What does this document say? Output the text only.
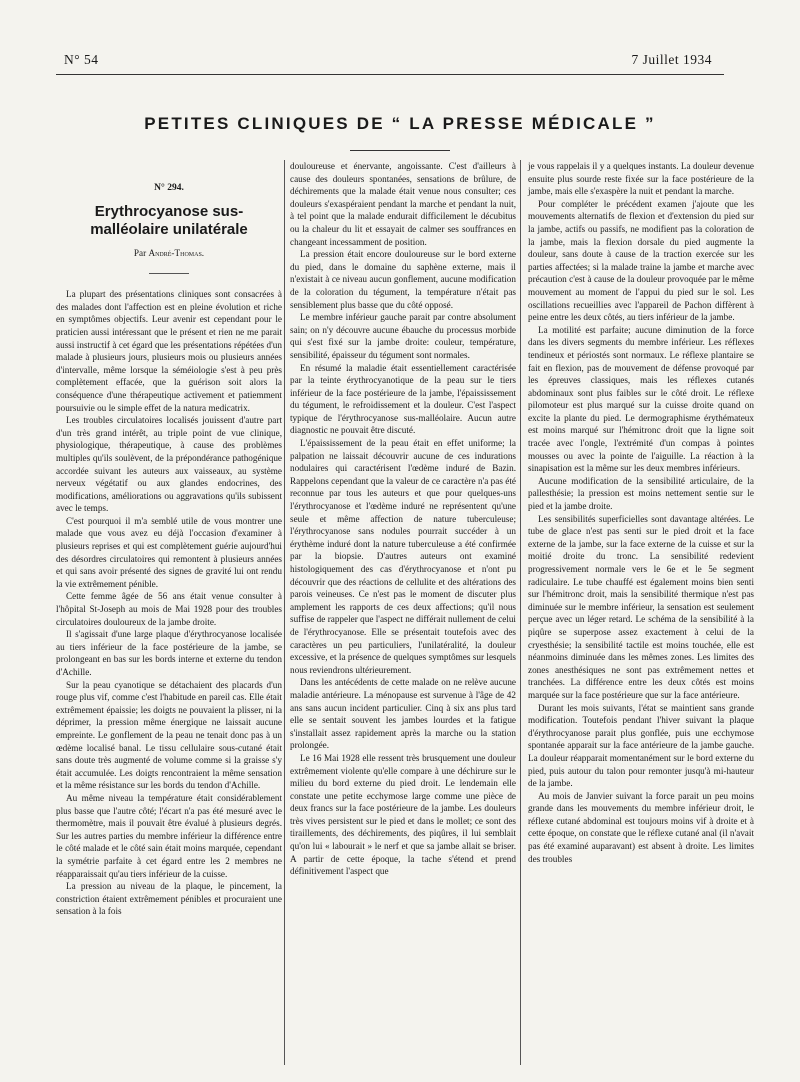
N° 54	7 Juillet 1934
PETITES CLINIQUES DE “ LA PRESSE MÉDICALE ”
N° 294.
Erythrocyanose sus-malléolaire unilatérale
Par André-Thomas.

La plupart des présentations cliniques sont consacrées à des malades dont l'affection est en pleine évolution et riche en symptômes objectifs. Leur avenir est cependant pour le praticien aussi intéressant que le présent et rien ne me parait aussi instructif à cet égard que les présentations répétées d'un malade à plusieurs jours, plusieurs mois ou plusieurs années d'intervalle, même lorsque la séméiologie s'est à peu près complètement effacée, que la guérison soit alors la conséquence d'une thérapeutique activement et patiemment poursuivie ou le simple effet de la natura medicatrix.

Les troubles circulatoires localisés jouissent d'autre part d'un très grand intérêt, au triple point de vue clinique, physiologique, thérapeutique, à cause des problèmes multiples qu'ils soulèvent, de la prépondérance pathogénique accordée suivant les auteurs aux vaisseaux, au système nerveux végétatif ou aux glandes endocrines, des modifications, améliorations ou aggravations qu'ils subissent avec le temps.

C'est pourquoi il m'a semblé utile de vous montrer une malade que vous avez eu déjà l'occasion d'examiner à plusieurs reprises et qui est complètement guérie aujourd'hui des désordres circulatoires qui remontent à plusieurs années et qui sans avoir présenté des signes de gravité lui ont rendu la vie extrêmement pénible.

Cette femme âgée de 56 ans était venue consulter à l'hôpital St-Joseph au mois de Mai 1928 pour des troubles circulatoires douloureux de la jambe droite.

Il s'agissait d'une large plaque d'érythrocyanose localisée au tiers inférieur de la face postérieure de la jambe, se prolongeant en bas sur les bords interne et externe du tendon d'Achille.

Sur la peau cyanotique se détachaient des placards d'un rouge plus vif, comme c'est l'habitude en pareil cas. Elle était extrêmement épaissie; les doigts ne pouvaient la plisser, ni la déprimer, la pression même énergique ne laissait aucune empreinte. Le gonflement de la peau ne tenait donc pas à un œdème localisé banal. Le tissu cellulaire sous-cutané était sans doute très augmenté de volume comme si la graisse s'y était accumulée. Les doigts rencontraient la même sensation et la même résistance sur les bords du tendon d'Achille.

Au même niveau la température était considérablement plus basse que l'autre côté; l'écart n'a pas été mesuré avec le thermomètre, mais il pouvait être évalué à plusieurs degrés. Sur les autres parties du membre inférieur la différence entre le côté malade et le côté sain était moins marquée, cependant la symétrie parfaite à cet égard entre les 2 membres ne réapparaissait qu'au tiers inférieur de la cuisse.

La pression au niveau de la plaque, le pincement, la constriction étaient extrêmement pénibles et procuraient une sensation à la fois

douloureuse et énervante, angoissante. C'est d'ailleurs à cause des douleurs spontanées, sensations de brûlure, de déchirements que la malade était venue nous consulter; ces douleurs s'exaspéraient pendant la marche et pendant la nuit, à tel point que la malade endurait difficilement le décubitus ou la chaleur du lit et essayait de calmer ses souffrances en changeant incessamment de position.

La pression était encore douloureuse sur le bord externe du pied, dans le domaine du saphène externe, mais il n'existait à ce niveau aucun gonflement, aucune modification de la coloration du tégument, la température n'était pas sensiblement plus basse que du côté opposé.

Le membre inférieur gauche parait par contre absolument sain; on n'y découvre aucune ébauche du processus morbide qui s'est fixé sur la jambe droite: couleur, température, sensibilité, épaisseur du tégument sont normales.

En résumé la maladie était essentiellement caractérisée par la teinte érythrocyanotique de la peau sur le tiers inférieur de la face postérieure de la jambe, l'épaississement du tégument, le refroidissement et la douleur. C'est l'aspect typique de l'érythrocyanose sus-malléolaire. Aucun autre diagnostic ne pouvait être discuté.

L'épaississement de la peau était en effet uniforme; la palpation ne laissait découvrir aucune de ces indurations nodulaires qui caractérisent l'œdème induré de Bazin. Rappelons cependant que la valeur de ce caractère n'a pas été reconnue par tous les auteurs et que pour quelques-uns l'érythrocyanose et l'œdème induré ne représentent qu'une seule et même affection de nature tuberculeuse; l'érythrocyanose sans nodules pourrait succéder à un érythème induré dont la nature tuberculeuse a été confirmée par la biopsie. D'autres auteurs ont examiné histologiquement des cas d'érythrocyanose et n'ont pu découvrir que des réactions de cellulite et des altérations des parois veineuses. Ce n'est pas le moment de discuter plus amplement les rapports de ces deux affections; qu'il nous suffise de rappeler que l'aspect ne différait nullement de celui de l'érythrocyanose. Elle se présentait toutefois avec des caractères un peu particuliers, l'unilatéralité, la douleur excessive, et la présence de quelques symptômes sur lesquels nous reviendrons ultérieurement.

Dans les antécédents de cette malade on ne relève aucune maladie antérieure. La ménopause est survenue à l'âge de 42 ans sans aucun incident particulier. Cinq à six ans plus tard elle se sentait souvent les jambes lourdes et la fatigue s'installait assez rapidement après la marche ou la station prolongée.

Le 16 Mai 1928 elle ressent très brusquement une douleur extrêmement violente qu'elle compare à une déchirure sur le milieu du bord externe du pied droit. Le lendemain elle constate une petite ecchymose large comme une pièce de deux francs sur la face postérieure de la jambe. Les douleurs très vives persistent sur le pied et dans le mollet; ce sont des tiraillements, des déchirements, des piqûres, il lui semblait qu'on lui « labourait » le nerf et que sa jambe allait se briser. A partir de cette époque, la tache s'étend et prend définitivement l'aspect que

je vous rappelais il y a quelques instants. La douleur devenue ensuite plus sourde reste fixée sur la face postérieure de la jambe, mais elle s'exaspère la nuit et pendant la marche.

Pour compléter le précédent examen j'ajoute que les mouvements alternatifs de flexion et d'extension du pied sur la jambe, actifs ou passifs, ne modifient pas la coloration de la jambe, mais la flexion dorsale du pied augmente la douleur, sans doute à cause de la traction exercée sur les parties affectées; si la malade traine la jambe et marche avec précaution c'est à cause de la douleur provoquée par le même mouvement au moment de l'appui du pied sur le sol. Les oscillations recueillies avec l'appareil de Pachon diffèrent à peine entre les deux côtés, au tiers inférieur de la jambe.

La motilité est parfaite; aucune diminution de la force dans les divers segments du membre inférieur. Les réflexes tendineux et périostés sont normaux. Le réflexe plantaire se fait en flexion, pas de mouvement de défense provoqué par les épreuves classiques, mais les réflexes cutanés abdominaux sont plus faibles sur le côté droit. Le réflexe pilomoteur est plus marqué sur la cuisse droite quand on excite la plante du pied. Le dermographisme érythémateux est moins marqué sur l'hémitronc droit que la ligne soit tracée avec l'ongle, l'extrémité d'un compas à pointes mousses ou avec la pointe de l'aiguille. La réaction à la sinapisation est la même sur les deux membres inférieurs.

Aucune modification de la sensibilité articulaire, de la pallesthésie; la pression est moins nettement sentie sur le pied et la jambe droite.

Les sensibilités superficielles sont davantage altérées. Le tube de glace n'est pas senti sur le pied droit et la face externe de la jambe, sur la face externe de la cuisse et sur la moitié droite du tronc. La sensibilité redevient progressivement normale vers le 6e et le 5e segment radiculaire. Le tube chauffé est également moins bien senti sur l'hémitronc droit, mais la sensibilité thermique n'est pas diminuée sur le membre inférieur, la sensation est seulement perçue avec un léger retard. Le schéma de la sensibilité à la piqûre se superpose assez exactement à celui de la cryesthésie; la sensibilité tactile est moins touchée, elle est néanmoins diminuée dans les mêmes zones. Les limites des zones anesthésiques ne sont pas extrêmement nettes et tranchées. La différence entre les deux côtés est moins marquée sur la face postérieure que sur la face antérieure.

Durant les mois suivants, l'état se maintient sans grande modification. Toutefois pendant l'hiver suivant la plaque d'érythrocyanose parait plus gonflée, puis une ecchymose spontanée apparait sur la face antérieure de la jambe gauche. La douleur réapparait momentanément sur le bord externe du pied, puis autour du talon pour remonter jusqu'à mi-hauteur de la jambe.

Au mois de Janvier suivant la force parait un peu moins grande dans les mouvements du membre inférieur droit, le réflexe cutané abdominal est toujours moins vif à droite et à cette époque, on constate que le réflexe cutané anal (il n'avait pas été examiné auparavant) est absent à droite. Les limites des troubles
